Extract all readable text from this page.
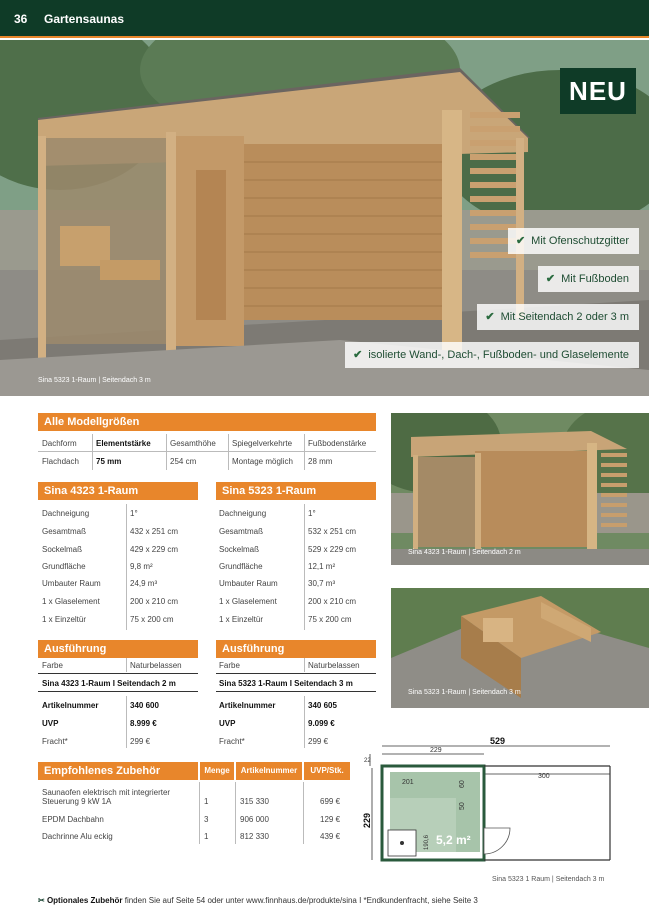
36 Gartensaunas
NEU
✔ Mit Ofenschutzgitter
✔ Mit Fußboden
✔ Mit Seitendach 2 oder 3 m
✔ isolierte Wand-, Dach-, Fußboden- und Glaselemente
Sina 5323 1-Raum | Seitendach 3 m
Alle Modellgrößen
Dachform Elementstärke Gesamthöhe Spiegelverkehrte Fußbodenstärke
Flachdach 75 mm	254 cm	Montage möglich 28 mm
Sina 4323 1-Raum
Dachneigung	1°
Gesamtmaß	432 x 251 cm
Sockelmaß	429 x 229 cm
Grundfläche	9,8 m²
Umbauter Raum	24,9 m³
1 x Glaselement	200 x 210 cm
1 x Einzeltür	75 x 200 cm
Sina 5323 1-Raum
Dachneigung	1°
Gesamtmaß	532 x 251 cm
Sockelmaß	529 x 229 cm
Grundfläche	12,1 m²
Umbauter Raum	30,7 m³
1 x Glaselement	200 x 210 cm
1 x Einzeltür	75 x 200 cm
Ausführung
Farbe	Naturbelassen
Sina 4323 1-Raum I Seitendach 2 m
Artikelnummer	340 600
UVP	8.999 €
Fracht*	299 €
Ausführung
Farbe	Naturbelassen
Sina 5323 1-Raum I Seitendach 3 m
Artikelnummer	340 605
UVP	9.099 €
Fracht*	299 €
Empfohlenes Zubehör	Menge	Artikelnummer	UVP/Stk.
Saunaofen elektrisch mit integrierter
Steuerung 9 kW 1A	1	315 330	699 €
EPDM Dachbahn	3	906 000	129 €
Dachrinne Alu eckig	1	812 330	439 €
Sina 4323 1-Raum | Seitendach 2 m
Sina 5323 1-Raum | Seitendach 3 m
529
229
300
22
229
201	60
50
190,6 5,2 m²
Sina 5323 1 Raum | Seitendach 3 m
✂ Optionales Zubehör finden Sie auf Seite 54 oder unter www.finnhaus.de/produkte/sina I *Endkundenfracht, siehe Seite 3
